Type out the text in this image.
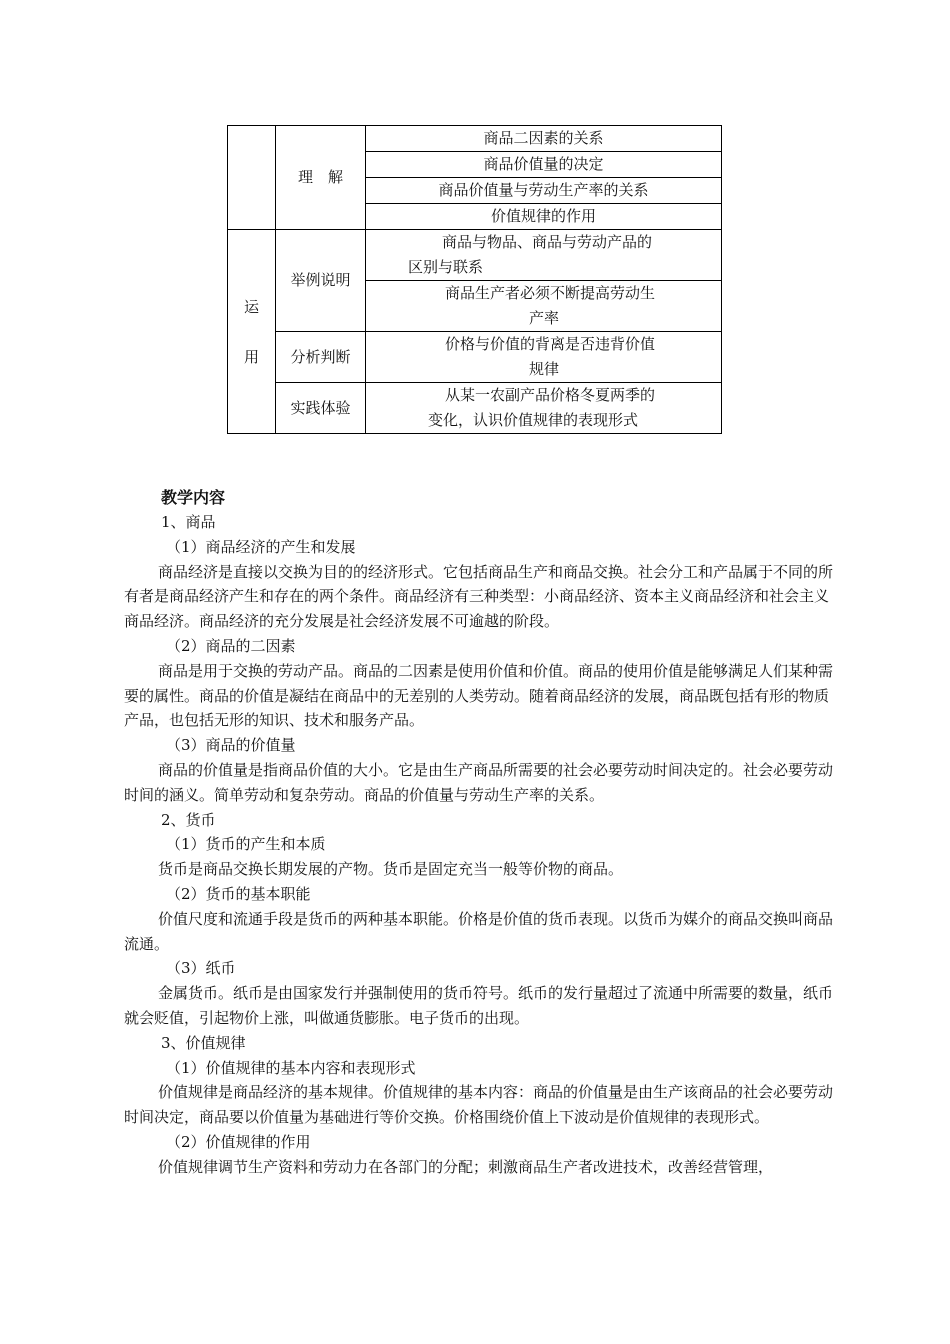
	理　解	商品二因素的关系
		商品价值量的决定
		商品价值量与劳动生产率的关系
		价值规律的作用
运
用	举例说明	商品与物品、商品与劳动产品的
区别与联系

		商品生产者必须不断提高劳动生
产率

	分析判断	价格与价值的背离是否违背价值
规律

	实践体验	从某一农副产品价格冬夏两季的
变化，认识价值规律的表现形式

教学内容

1、商品

（1）商品经济的产生和发展

商品经济是直接以交换为目的的经济形式。它包括商品生产和商品交换。社会分工和产品属于不同的所有者是商品经济产生和存在的两个条件。商品经济有三种类型：小商品经济、资本主义商品经济和社会主义商品经济。商品经济的充分发展是社会经济发展不可逾越的阶段。

（2）商品的二因素

商品是用于交换的劳动产品。商品的二因素是使用价值和价值。商品的使用价值是能够满足人们某种需要的属性。商品的价值是凝结在商品中的无差别的人类劳动。随着商品经济的发展，商品既包括有形的物质产品，也包括无形的知识、技术和服务产品。

（3）商品的价值量

商品的价值量是指商品价值的大小。它是由生产商品所需要的社会必要劳动时间决定的。社会必要劳动时间的涵义。简单劳动和复杂劳动。商品的价值量与劳动生产率的关系。

2、货币

（1）货币的产生和本质

货币是商品交换长期发展的产物。货币是固定充当一般等价物的商品。

（2）货币的基本职能

价值尺度和流通手段是货币的两种基本职能。价格是价值的货币表现。以货币为媒介的商品交换叫商品流通。

（3）纸币

金属货币。纸币是由国家发行并强制使用的货币符号。纸币的发行量超过了流通中所需要的数量，纸币就会贬值，引起物价上涨，叫做通货膨胀。电子货币的出现。

3、价值规律

（1）价值规律的基本内容和表现形式

价值规律是商品经济的基本规律。价值规律的基本内容：商品的价值量是由生产该商品的社会必要劳动时间决定，商品要以价值量为基础进行等价交换。价格围绕价值上下波动是价值规律的表现形式。

（2）价值规律的作用

价值规律调节生产资料和劳动力在各部门的分配；刺激商品生产者改进技术，改善经营管理，
